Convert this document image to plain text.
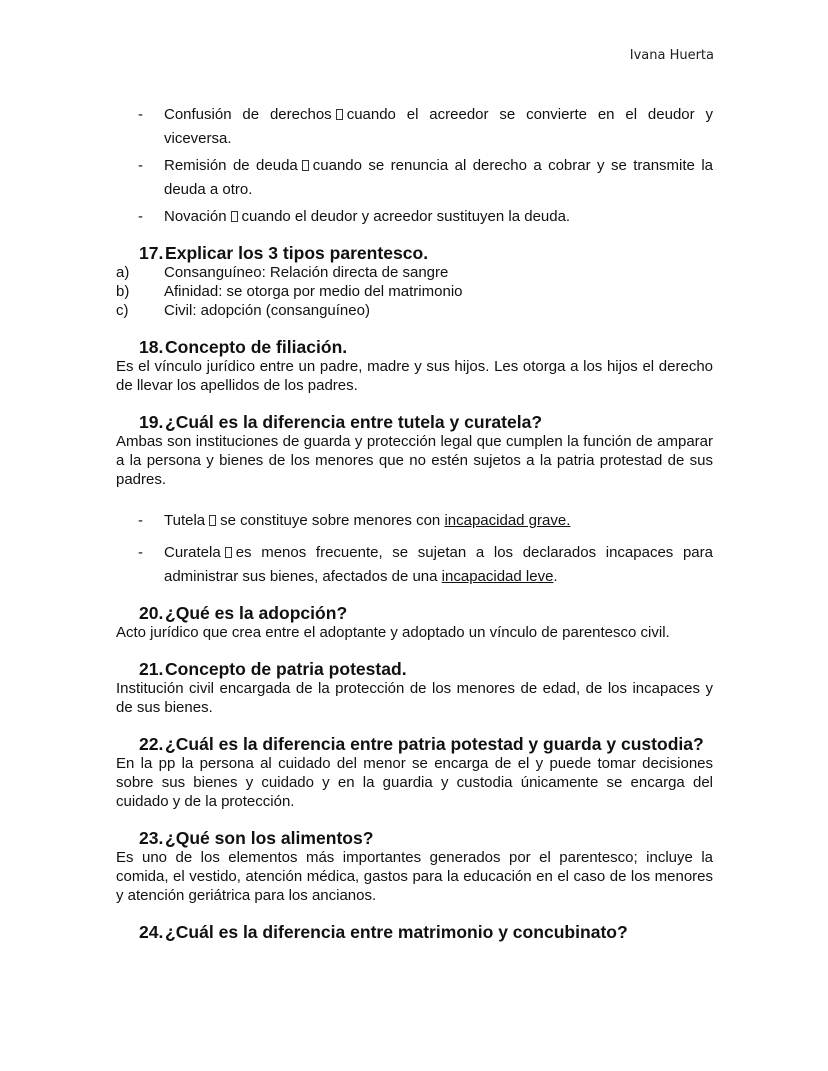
Ivana Huerta
- Confusión de derechos cuando el acreedor se convierte en el deudor y viceversa.
- Remisión de deuda cuando se renuncia al derecho a cobrar y se transmite la deuda a otro.
- Novación cuando el deudor y acreedor sustituyen la deuda.
17.Explicar los 3 tipos parentesco.
a) Consanguíneo: Relación directa de sangre
b) Afinidad: se otorga por medio del matrimonio
c) Civil: adopción (consanguíneo)
18.Concepto de filiación.

Es el vínculo jurídico entre un padre, madre y sus hijos. Les otorga a los hijos el derecho de llevar los apellidos de los padres.

19.¿Cuál es la diferencia entre tutela y curatela?

Ambas son instituciones de guarda y protección legal que cumplen la función de amparar a la persona y bienes de los menores que no estén sujetos a la patria protestad de sus padres.

- Tutela se constituye sobre menores con incapacidad grave.
- Curatela es menos frecuente, se sujetan a los declarados incapaces para administrar sus bienes, afectados de una incapacidad leve.
20.¿Qué es la adopción?

Acto jurídico que crea entre el adoptante y adoptado un vínculo de parentesco civil.

21.Concepto de patria potestad.

Institución civil encargada de la protección de los menores de edad, de los incapaces y de sus bienes.

22.¿Cuál es la diferencia entre patria potestad y guarda y custodia?

En la pp la persona al cuidado del menor se encarga de el y puede tomar decisiones sobre sus bienes y cuidado y en la guardia y custodia únicamente se encarga del cuidado y de la protección.

23.¿Qué son los alimentos?

Es uno de los elementos más importantes generados por el parentesco; incluye la comida, el vestido, atención médica, gastos para la educación en el caso de los menores y atención geriátrica para los ancianos.

24.¿Cuál es la diferencia entre matrimonio y concubinato?
